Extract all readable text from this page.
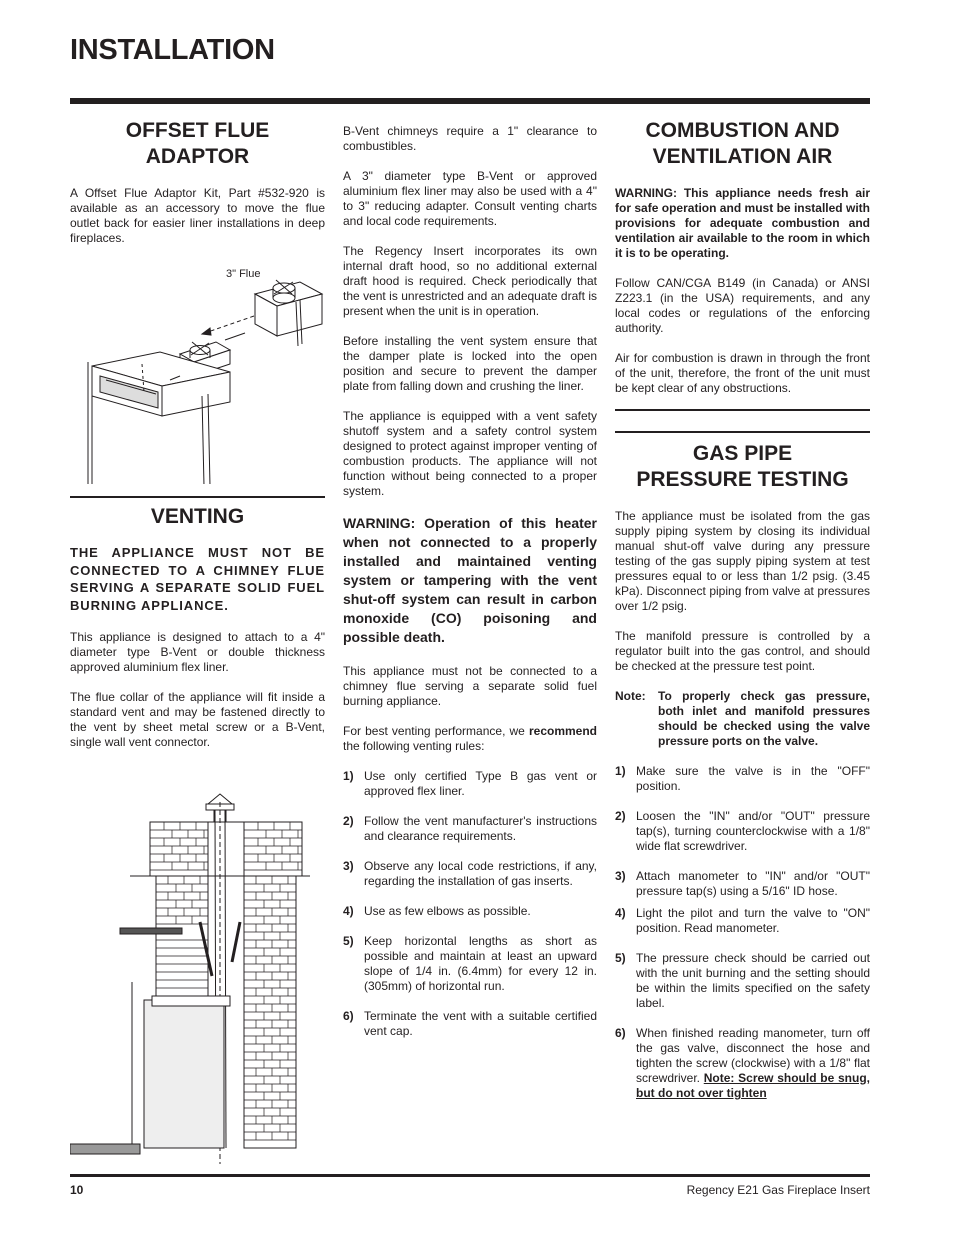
INSTALLATION
OFFSET FLUE
ADAPTOR

A Offset Flue Adaptor Kit, Part #532-920 is available as an accessory to move the flue outlet back for easier liner installations in deep fireplaces.

3" Flue
VENTING

THE APPLIANCE MUST NOT BE CONNECTED TO A CHIMNEY FLUE SERVING A SEPARATE SOLID FUEL BURNING APPLIANCE.

This appliance is designed to attach to a 4" diameter type B-Vent or double thickness approved aluminium flex liner.

The flue collar of the appliance will fit inside a standard vent and may be fastened directly to the vent by sheet metal screw or a B-Vent, single wall vent connector.

B-Vent chimneys require a 1" clearance to combustibles.

A 3" diameter type B-Vent or approved aluminium flex liner may also be used with a 4" to 3" reducing adapter. Consult venting charts and local code requirements.

The Regency Insert incorporates its own internal draft hood, so no additional external draft hood is required. Check periodically that the vent is unrestricted and an adequate draft is present when the unit is in operation.

Before installing the vent system ensure that the damper plate is locked into the open position and secure to prevent the damper plate from falling down and crushing the liner.

The appliance is equipped with a vent safety shutoff system and a safety control system designed to protect against improper venting of combustion products. The appliance will not function without being connected to a proper system.

WARNING: Operation of this heater when not connected to a properly installed and maintained venting system or tampering with the vent shut-off system can result in carbon monoxide (CO) poisoning and possible death.

This appliance must not be connected to a chimney flue serving a separate solid fuel burning appliance.

For best venting performance, we recommend the following venting rules:

1) Use only certified Type B gas vent or approved flex liner.
2) Follow the vent manufacturer's instructions and clearance requirements.
3) Observe any local code restrictions, if any, regarding the installation of gas inserts.
4) Use as few elbows as possible.
5) Keep horizontal lengths as short as possible and maintain at least an upward slope of 1/4 in. (6.4mm) for every 12 in. (305mm) of horizontal run.
6) Terminate the vent with a suitable certified vent cap.
COMBUSTION AND
VENTILATION AIR

WARNING: This appliance needs fresh air for safe operation and must be installed with provisions for adequate combustion and ventilation air available to the room in which it is to be operating.

Follow CAN/CGA B149 (in Canada) or ANSI Z223.1 (in the USA) requirements, and any local codes or regulations of the enforcing authority.

Air for combustion is drawn in through the front of the unit, therefore, the front of the unit must be kept clear of any obstructions.

GAS PIPE
PRESSURE TESTING

The appliance must be isolated from the gas supply piping system by closing its individual manual shut-off valve during any pressure testing of the gas supply piping system at test pressures equal to or less than 1/2 psig. (3.45 kPa). Disconnect piping from valve at pressures over 1/2 psig.

The manifold pressure is controlled by a regulator built into the gas control, and should be checked at the pressure test point.

Note:	To properly check gas pressure, both inlet and manifold pressures should be checked using the valve pressure ports on the valve.
1) Make sure the valve is in the "OFF" position.
2) Loosen the "IN" and/or "OUT" pressure tap(s), turning counterclockwise with a 1/8" wide flat screwdriver.
3) Attach manometer to "IN" and/or "OUT" pressure tap(s) using a 5/16" ID hose.
4) Light the pilot and turn the valve to "ON" position. Read manometer.
5) The pressure check should be carried out with the unit burning and the setting should be within the limits specified on the safety label.
6) When finished reading manometer, turn off the gas valve, disconnect the hose and tighten the screw (clockwise) with a 1/8" flat screwdriver. Note: Screw should be snug, but do not over tighten
10	Regency E21 Gas Fireplace Insert
